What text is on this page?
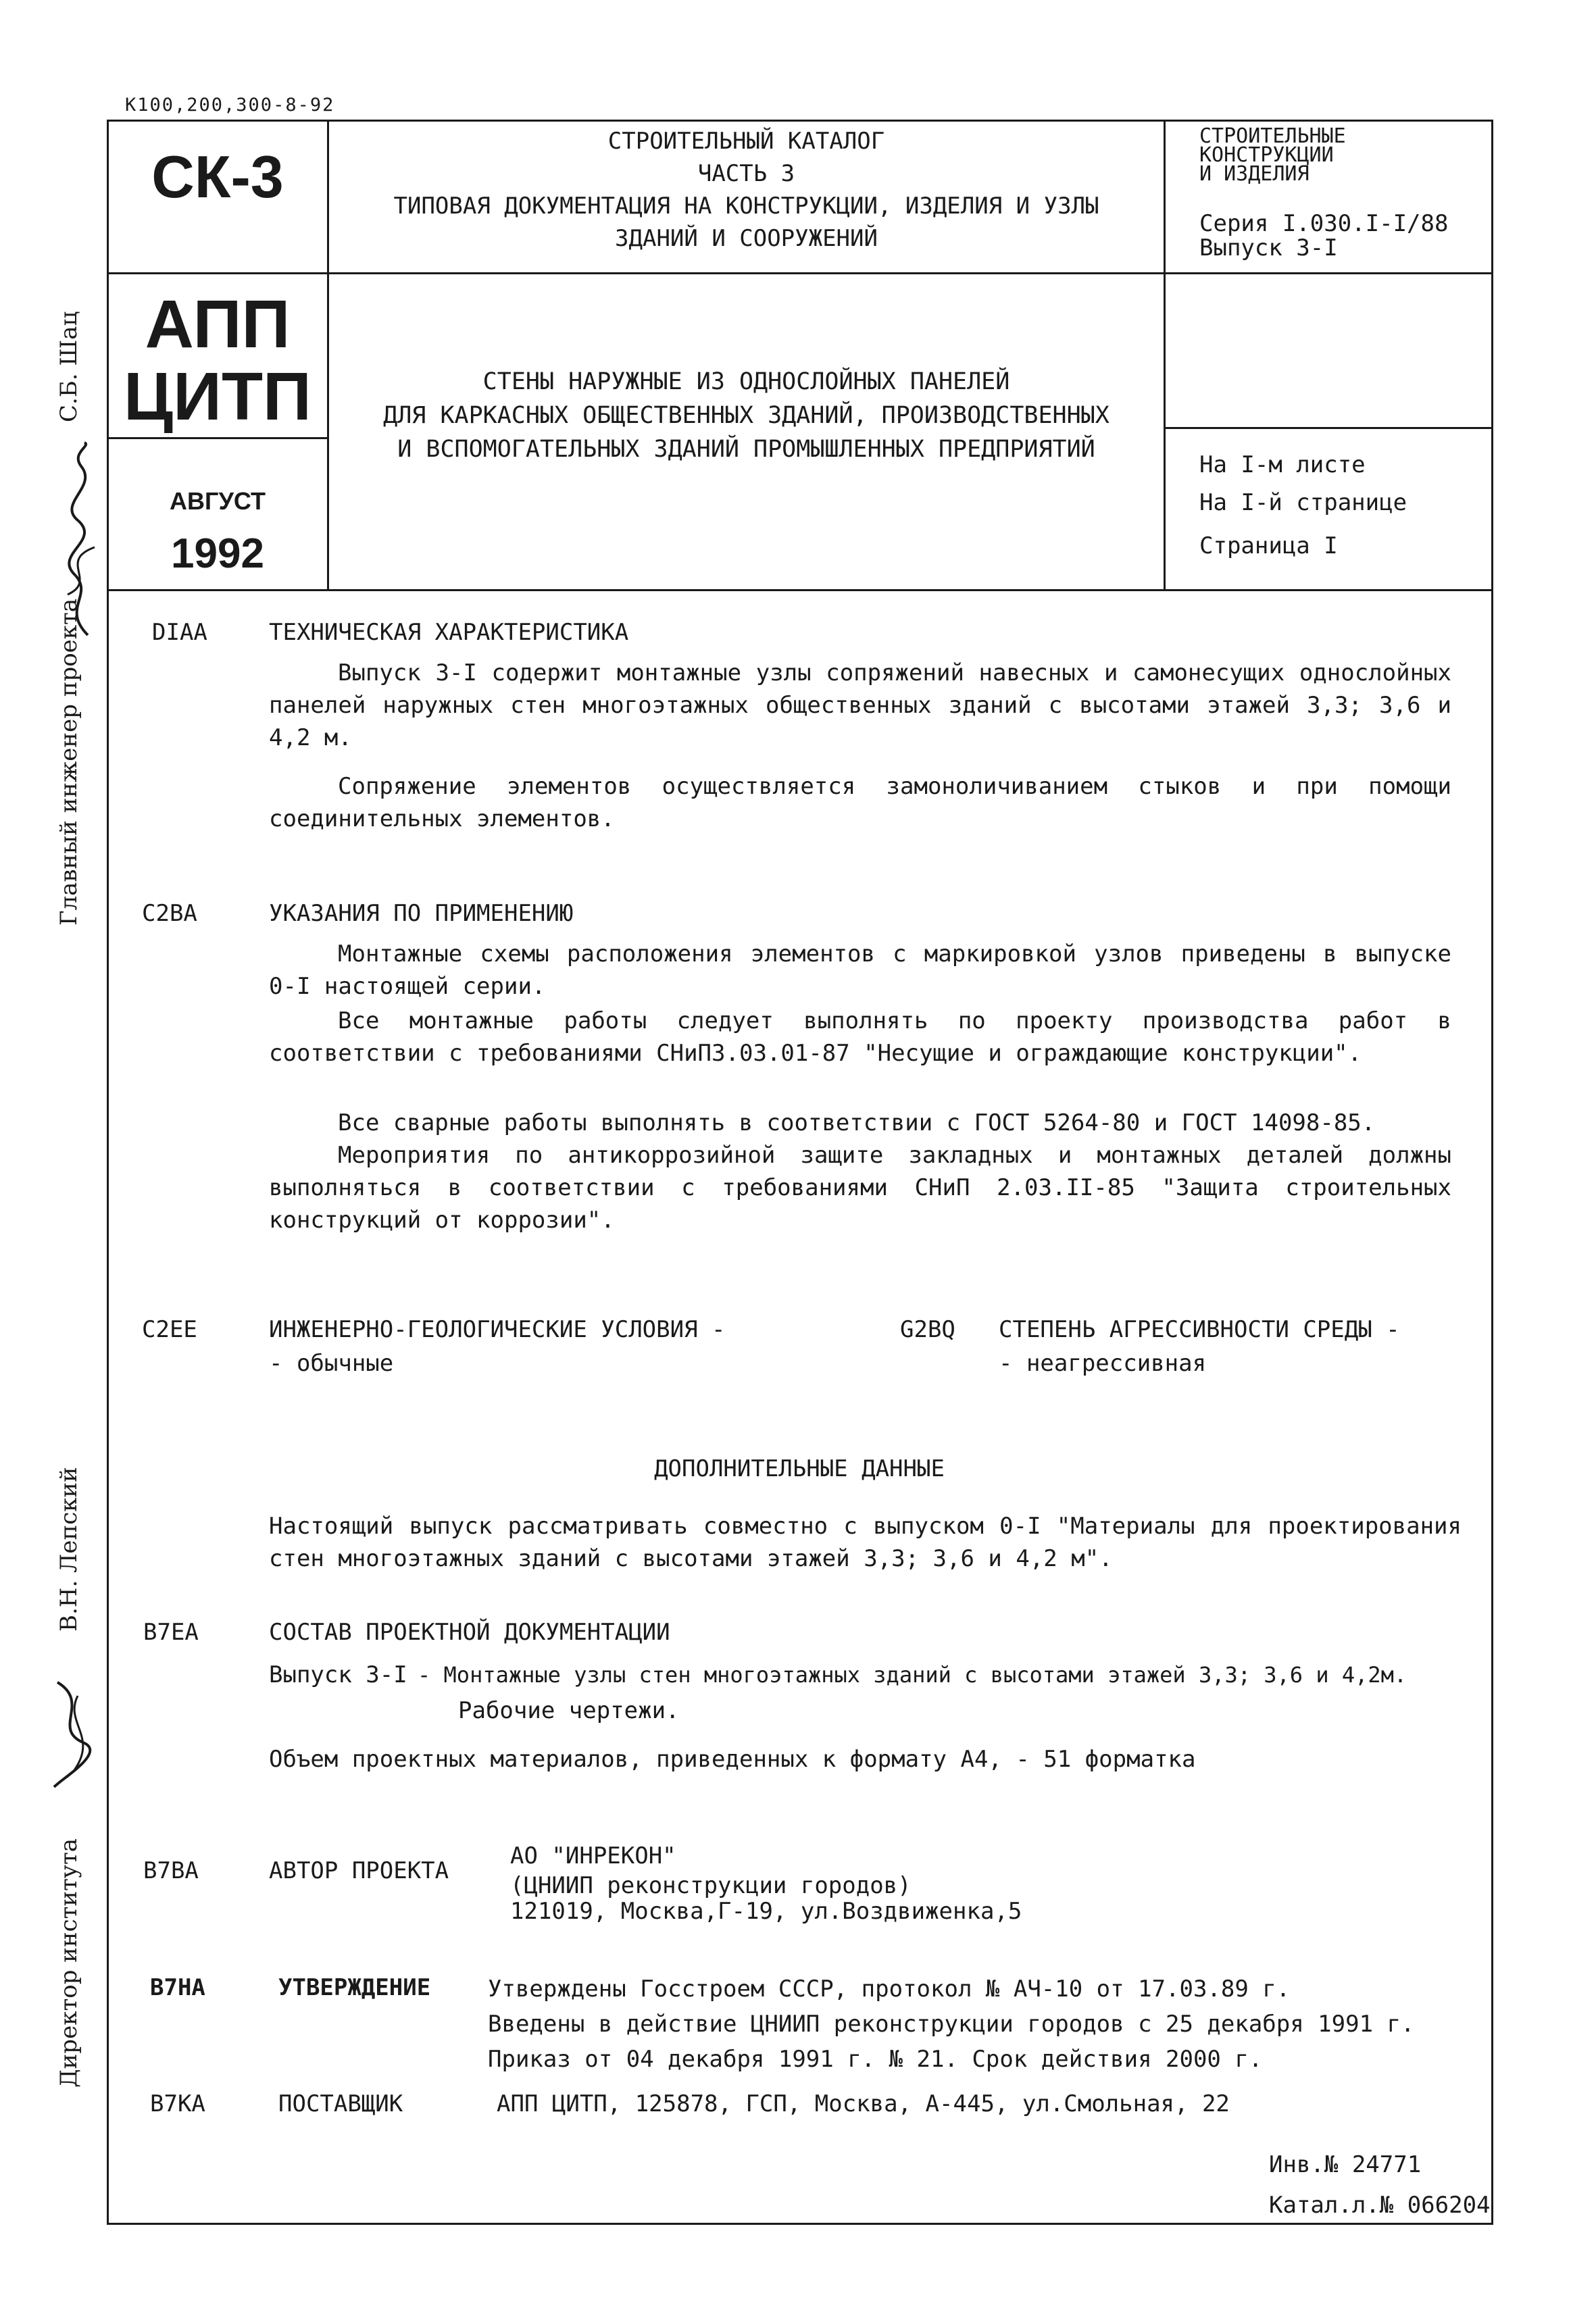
К100,200,300-8-92
СК-3
АПП
ЦИТП
АВГУСТ
1992
СТРОИТЕЛЬНЫЙ КАТАЛОГ
ЧАСТЬ 3
ТИПОВАЯ ДОКУМЕНТАЦИЯ НА КОНСТРУКЦИИ, ИЗДЕЛИЯ И УЗЛЫ
ЗДАНИЙ И СООРУЖЕНИЙ
СТЕНЫ НАРУЖНЫЕ ИЗ ОДНОСЛОЙНЫХ ПАНЕЛЕЙ
ДЛЯ КАРКАСНЫХ ОБЩЕСТВЕННЫХ ЗДАНИЙ, ПРОИЗВОДСТВЕННЫХ
И ВСПОМОГАТЕЛЬНЫХ ЗДАНИЙ ПРОМЫШЛЕННЫХ ПРЕДПРИЯТИЙ
СТРОИТЕЛЬНЫЕ
КОНСТРУКЦИИ
И ИЗДЕЛИЯ
Серия I.030.I-I/88
Выпуск 3-I
На I-м листе
На I-й странице
Страница I
Главный инженер проекта
С.Б. Шац
В.Н. Лепский
Директор института
DIAA	ТЕХНИЧЕСКАЯ ХАРАКТЕРИСТИКА
Выпуск 3-I содержит монтажные узлы сопряжений навесных и самонесущих однослойных панелей наружных стен многоэтажных общественных зданий с высотами этажей 3,3; 3,6 и 4,2 м.
Сопряжение элементов осуществляется замоноличиванием стыков и при помощи соединительных элементов.
C2BA	УКАЗАНИЯ ПО ПРИМЕНЕНИЮ
Монтажные схемы расположения элементов с маркировкой узлов приведены в выпуске 0-I настоящей серии.
Все монтажные работы следует выполнять по проекту производства работ в соответствии с требованиями СНиП3.03.01-87 "Несущие и ограждающие конструкции".
Все сварные работы выполнять в соответствии с ГОСТ 5264-80 и ГОСТ 14098-85.
Мероприятия по антикоррозийной защите закладных и монтажных деталей должны выполняться в соответствии с требованиями СНиП 2.03.II-85 "Защита строительных конструкций от коррозии".
C2EE	ИНЖЕНЕРНО-ГЕОЛОГИЧЕСКИЕ УСЛОВИЯ -
- обычные
G2BQ СТЕПЕНЬ АГРЕССИВНОСТИ СРЕДЫ -
- неагрессивная
ДОПОЛНИТЕЛЬНЫЕ ДАННЫЕ
Настоящий выпуск рассматривать совместно с выпуском 0-I "Материалы для проектирования стен многоэтажных зданий с высотами этажей 3,3; 3,6 и 4,2 м".
B7EA	СОСТАВ ПРОЕКТНОЙ ДОКУМЕНТАЦИИ
Выпуск 3-I - Монтажные узлы стен многоэтажных зданий с высотами этажей 3,3; 3,6 и 4,2м.
Рабочие чертежи.
Объем проектных материалов, приведенных к формату А4, - 51 форматка
B7BA	АВТОР ПРОЕКТА
АО "ИНРЕКОН"
(ЦНИИП реконструкции городов)
121019, Москва,Г-19, ул.Воздвиженка,5
B7HA	УТВЕРЖДЕНИЕ Утверждены Госстроем СССР, протокол № АЧ-10 от 17.03.89 г.
Введены в действие ЦНИИП реконструкции городов с 25 декабря 1991 г.
Приказ от 04 декабря 1991 г. № 21. Срок действия 2000 г.
B7KA	ПОСТАВЩИК	АПП ЦИТП, 125878, ГСП, Москва, А-445, ул.Смольная, 22
Инв.№ 24771
Катал.л.№ 066204
